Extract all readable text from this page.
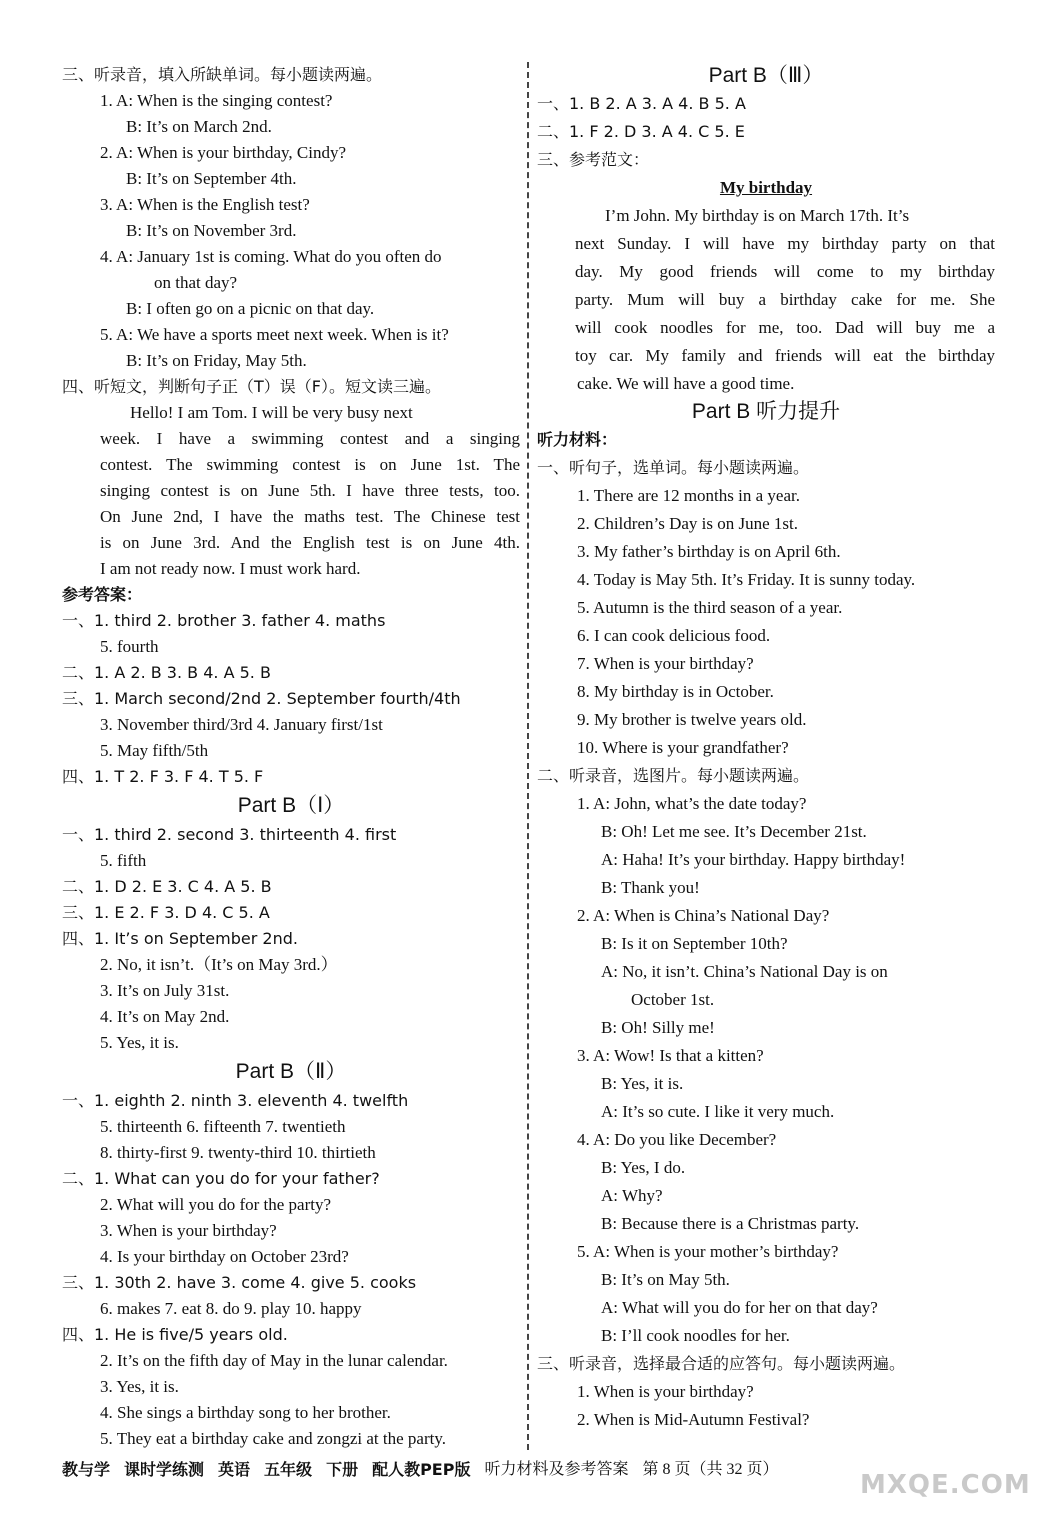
三、听录音，填入所缺单词。每小题读两遍。
1. A: When is the singing contest?
B: It’s on March 2nd.
2. A: When is your birthday, Cindy?
B: It’s on September 4th.
3. A: When is the English test?
B: It’s on November 3rd.
4. A: January 1st is coming. What do you often do
on that day?
B: I often go on a picnic on that day.
5. A: We have a sports meet next week. When is it?
B: It’s on Friday, May 5th.
四、听短文，判断句子正（T）误（F）。短文读三遍。
Hello! I am Tom. I will be very busy next
week. I have a swimming contest and a singing
contest. The swimming contest is on June 1st. The
singing contest is on June 5th. I have three tests, too.
On June 2nd, I have the maths test. The Chinese test
is on June 3rd. And the English test is on June 4th.
I am not ready now. I must work hard.
参考答案：
一、1. third 2. brother 3. father 4. maths
5. fourth
二、1. A 2. B 3. B 4. A 5. B
三、1. March second/2nd 2. September fourth/4th
3. November third/3rd 4. January first/1st
5. May fifth/5th
四、1. T 2. F 3. F 4. T 5. F
Part B（Ⅰ）
一、1. third 2. second 3. thirteenth 4. first
5. fifth
二、1. D 2. E 3. C 4. A 5. B
三、1. E 2. F 3. D 4. C 5. A
四、1. It’s on September 2nd.
2. No, it isn’t.（It’s on May 3rd.）
3. It’s on July 31st.
4. It’s on May 2nd.
5. Yes, it is.
Part B（Ⅱ）
一、1. eighth 2. ninth 3. eleventh 4. twelfth
5. thirteenth 6. fifteenth 7. twentieth
8. thirty-first 9. twenty-third 10. thirtieth
二、1. What can you do for your father?
2. What will you do for the party?
3. When is your birthday?
4. Is your birthday on October 23rd?
三、1. 30th 2. have 3. come 4. give 5. cooks
6. makes 7. eat 8. do 9. play 10. happy
四、1. He is five/5 years old.
2. It’s on the fifth day of May in the lunar calendar.
3. Yes, it is.
4. She sings a birthday song to her brother.
5. They eat a birthday cake and zongzi at the party.
Part B（Ⅲ）
一、1. B 2. A 3. A 4. B 5. A
二、1. F 2. D 3. A 4. C 5. E
三、参考范文：
My birthday
I’m John. My birthday is on March 17th. It’s
next Sunday. I will have my birthday party on that
day. My good friends will come to my birthday
party. Mum will buy a birthday cake for me. She
will cook noodles for me, too. Dad will buy me a
toy car. My family and friends will eat the birthday
cake. We will have a good time.
Part B 听力提升
听力材料：
一、听句子，选单词。每小题读两遍。
1. There are 12 months in a year.
2. Children’s Day is on June 1st.
3. My father’s birthday is on April 6th.
4. Today is May 5th. It’s Friday. It is sunny today.
5. Autumn is the third season of a year.
6. I can cook delicious food.
7. When is your birthday?
8. My birthday is in October.
9. My brother is twelve years old.
10. Where is your grandfather?
二、听录音，选图片。每小题读两遍。
1. A: John, what’s the date today?
B: Oh! Let me see. It’s December 21st.
A: Haha! It’s your birthday. Happy birthday!
B: Thank you!
2. A: When is China’s National Day?
B: Is it on September 10th?
A: No, it isn’t. China’s National Day is on
October 1st.
B: Oh! Silly me!
3. A: Wow! Is that a kitten?
B: Yes, it is.
A: It’s so cute. I like it very much.
4. A: Do you like December?
B: Yes, I do.
A: Why?
B: Because there is a Christmas party.
5. A: When is your mother’s birthday?
B: It’s on May 5th.
A: What will you do for her on that day?
B: I’ll cook noodles for her.
三、听录音，选择最合适的应答句。每小题读两遍。
1. When is your birthday?
2. When is Mid-Autumn Festival?
教与学 课时学练测 英语 五年级 下册 配人教PEP版 听力材料及参考答案 第 8 页（共 32 页）
MXQE.COM
